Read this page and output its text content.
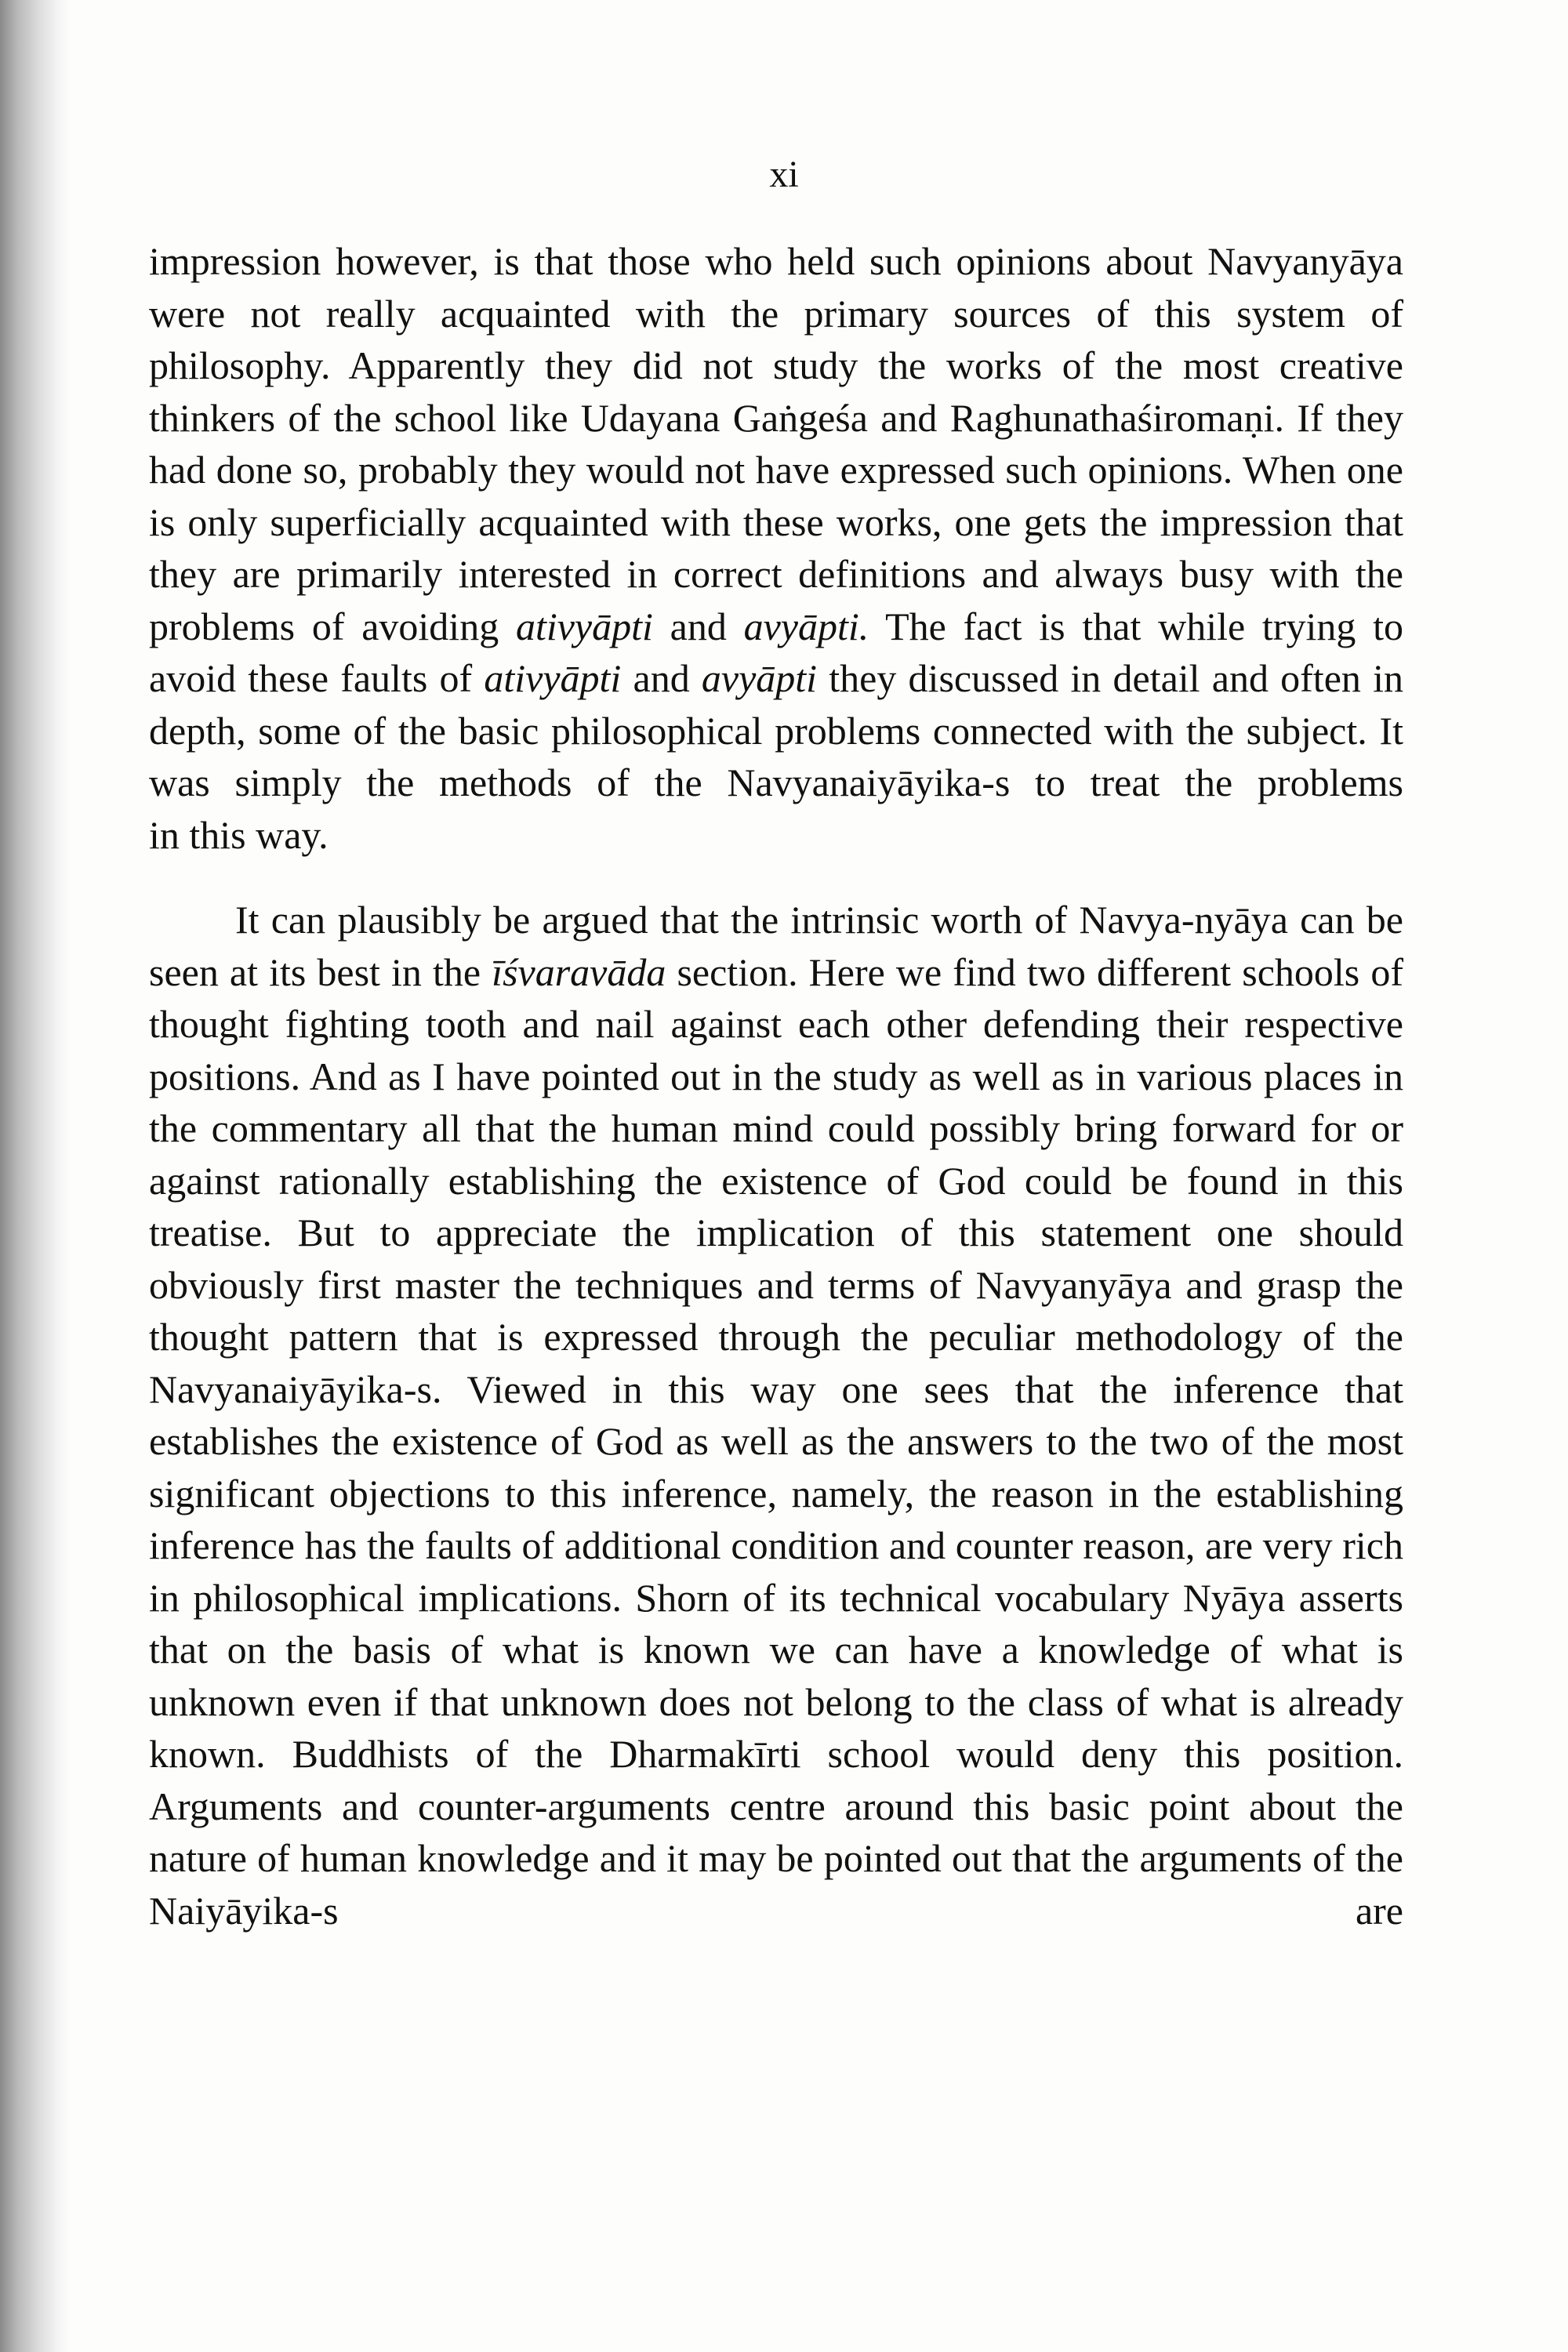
xi

impression however, is that those who held such opinions about Navyanyāya were not really acquainted with the primary sources of this system of philosophy. Apparently they did not study the works of the most creative thinkers of the school like Udayana Gaṅgeśa and Raghunathaśiromaṇi. If they had done so, probably they would not have expressed such opinions. When one is only superficially acquainted with these works, one gets the impression that they are primarily interested in correct definitions and always busy with the problems of avoiding ativyāpti and avyāpti. The fact is that while trying to avoid these faults of ativyāpti and avyāpti they discussed in detail and often in depth, some of the basic philosophical problems connected with the subject. It was simply the methods of the Navyanaiyāyika-s to treat the problems

in this way.

It can plausibly be argued that the intrinsic worth of Navya-nyāya can be seen at its best in the īśvaravāda section. Here we find two different schools of thought fighting tooth and nail against each other defending their respective positions. And as I have pointed out in the study as well as in various places in the commentary all that the human mind could possibly bring forward for or against rationally establishing the existence of God could be found in this treatise. But to appreciate the implication of this statement one should obviously first master the techniques and terms of Navyanyāya and grasp the thought pattern that is expressed through the peculiar methodology of the Navyanaiyāyika-s. Viewed in this way one sees that the inference that establishes the existence of God as well as the answers to the two of the most significant objections to this inference, namely, the reason in the establishing inference has the faults of additional condition and counter reason, are very rich in philosophical implications. Shorn of its technical vocabulary Nyāya asserts that on the basis of what is known we can have a knowledge of what is unknown even if that unknown does not belong to the class of what is already known. Buddhists of the Dharmakīrti school would deny this position. Arguments and counter-arguments centre around this basic point about the nature of human knowledge and it may be pointed out that the arguments of the Naiyāyika-s are
